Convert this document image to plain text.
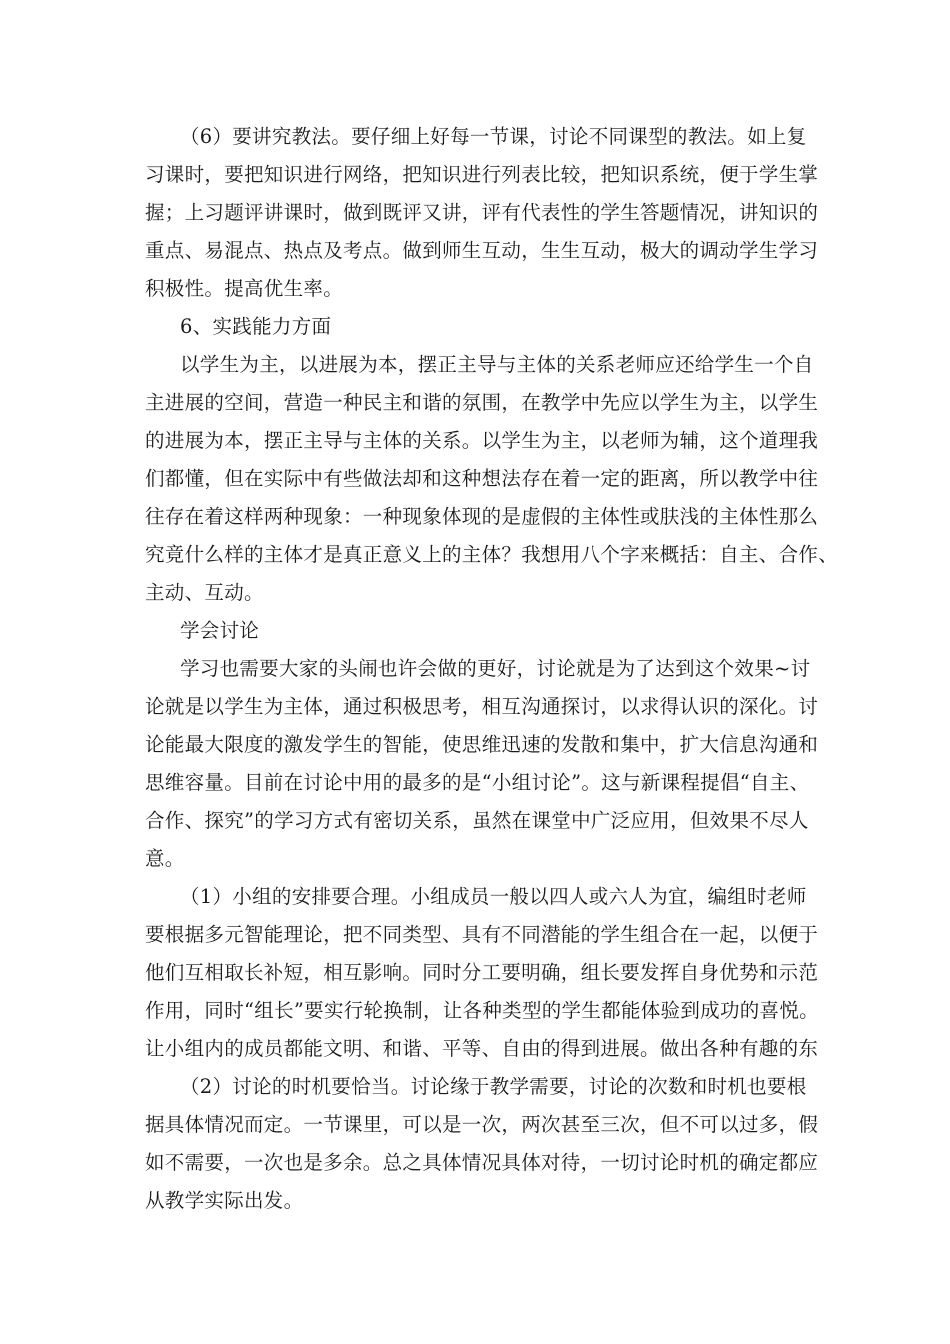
（6）要讲究教法。要仔细上好每一节课，讨论不同课型的教法。如上复
习课时，要把知识进行网络，把知识进行列表比较，把知识系统，便于学生掌
握；上习题评讲课时，做到既评又讲，评有代表性的学生答题情况，讲知识的
重点、易混点、热点及考点。做到师生互动，生生互动，极大的调动学生学习
积极性。提高优生率。
6、实践能力方面
以学生为主，以进展为本，摆正主导与主体的关系老师应还给学生一个自
主进展的空间，营造一种民主和谐的氛围，在教学中先应以学生为主，以学生
的进展为本，摆正主导与主体的关系。以学生为主，以老师为辅，这个道理我
们都懂，但在实际中有些做法却和这种想法存在着一定的距离，所以教学中往
往存在着这样两种现象：一种现象体现的是虚假的主体性或肤浅的主体性那么
究竟什么样的主体才是真正意义上的主体？我想用八个字来概括：自主、合作、
主动、互动。
学会讨论
学习也需要大家的头闹也许会做的更好，讨论就是为了达到这个效果~讨
论就是以学生为主体，通过积极思考，相互沟通探讨，以求得认识的深化。讨
论能最大限度的激发学生的智能，使思维迅速的发散和集中，扩大信息沟通和
思维容量。目前在讨论中用的最多的是“小组讨论”。这与新课程提倡“自主、
合作、探究”的学习方式有密切关系，虽然在课堂中广泛应用，但效果不尽人
意。
（1）小组的安排要合理。小组成员一般以四人或六人为宜，编组时老师
要根据多元智能理论，把不同类型、具有不同潜能的学生组合在一起，以便于
他们互相取长补短，相互影响。同时分工要明确，组长要发挥自身优势和示范
作用，同时“组长”要实行轮换制，让各种类型的学生都能体验到成功的喜悦。
让小组内的成员都能文明、和谐、平等、自由的得到进展。做出各种有趣的东
（2）讨论的时机要恰当。讨论缘于教学需要，讨论的次数和时机也要根
据具体情况而定。一节课里，可以是一次，两次甚至三次，但不可以过多，假
如不需要，一次也是多余。总之具体情况具体对待，一切讨论时机的确定都应
从教学实际出发。
